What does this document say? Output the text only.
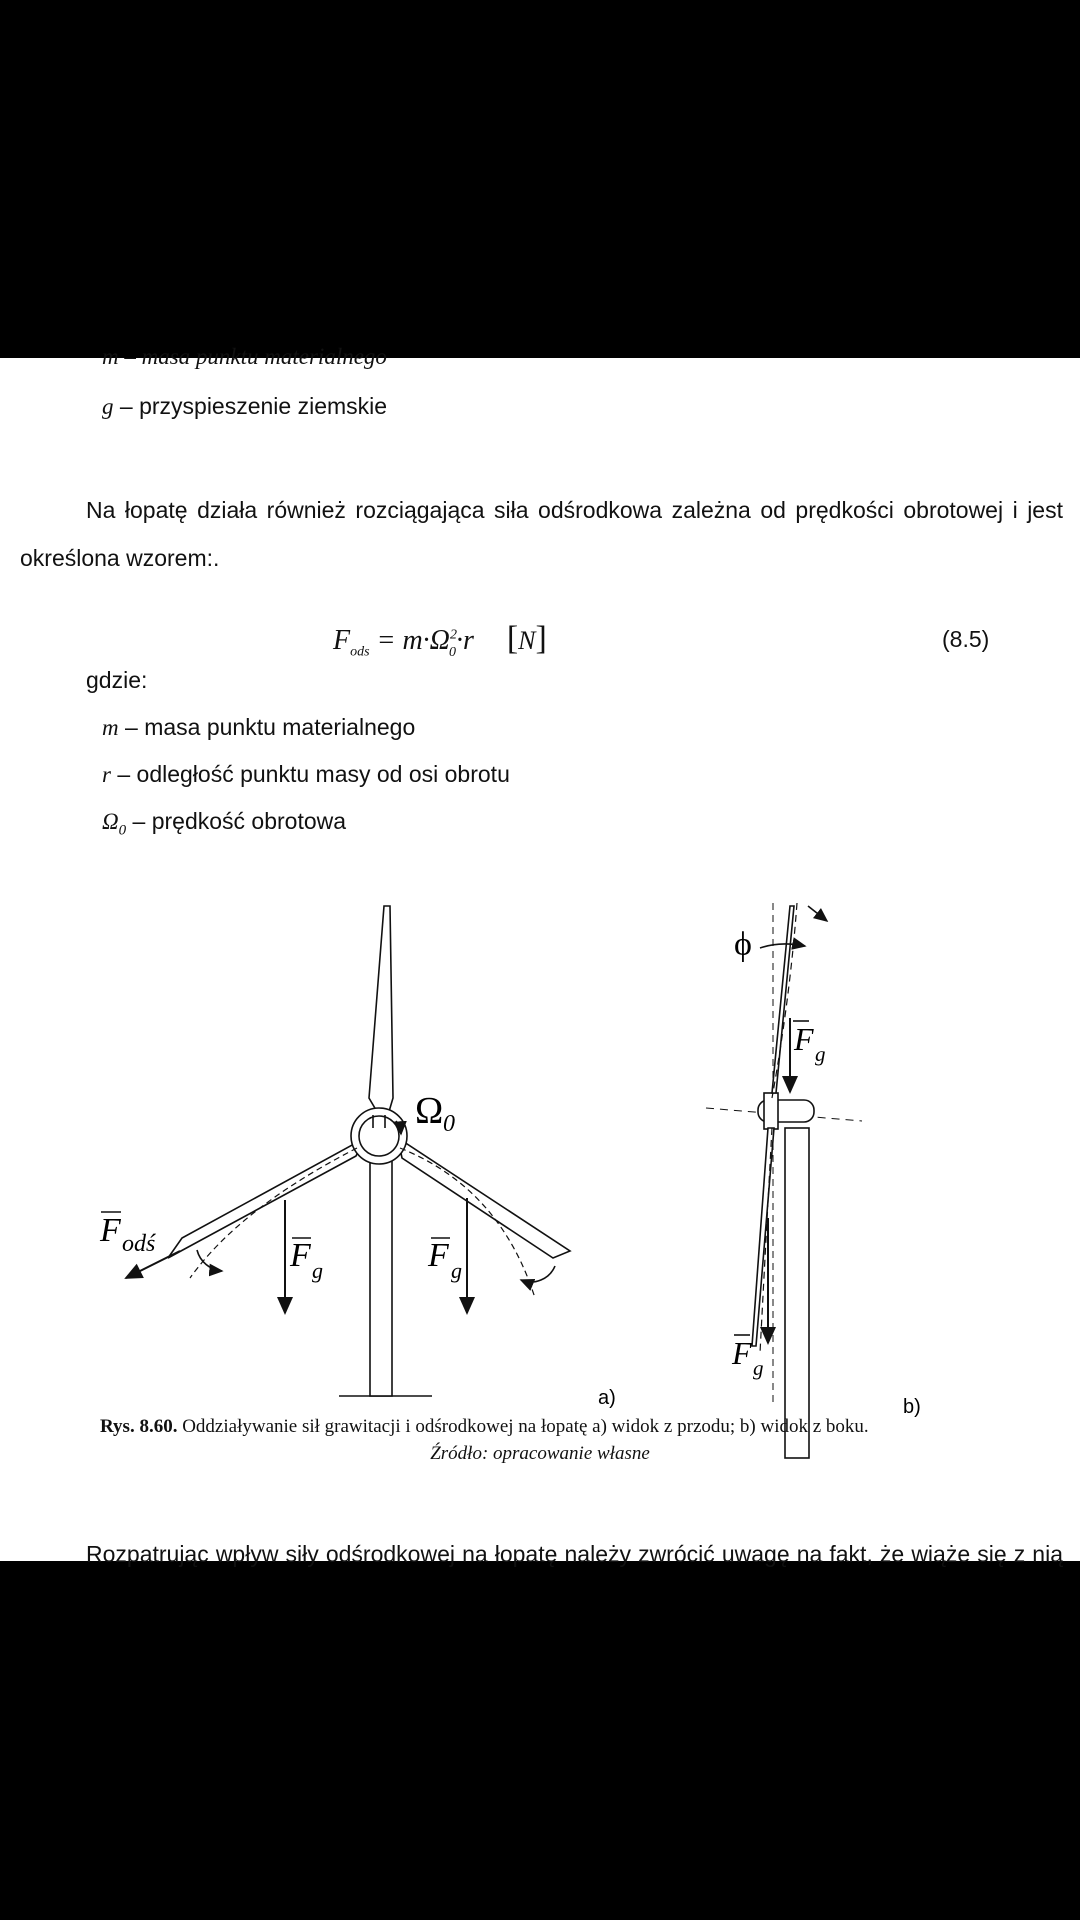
m – masa punktu materialnego
g – przyspieszenie ziemskie
Na łopatę działa również rozciągająca siła odśrodkowa zależna od prędkości obrotowej i jest
określona wzorem:.
$F_{ods} = m\cdot\Omega^2_0\cdot r$ [N]	(8.5)
gdzie:
m – masa punktu materialnego
r – odległość punktu masy od osi obrotu
$\Omega_0$ – prędkość obrotowa
Ω 0
F odś	F g	F g
ϕ
F g
F g
a)	b)
Rys. 8.60. Oddziaływanie sił grawitacji i odśrodkowej na łopatę a) widok z przodu; b) widok z boku.
Źródło: opracowanie własne
Rozpatrując wpływ siły odśrodkowej na łopatę należy zwrócić uwagę na fakt, że wiąże się z nią
